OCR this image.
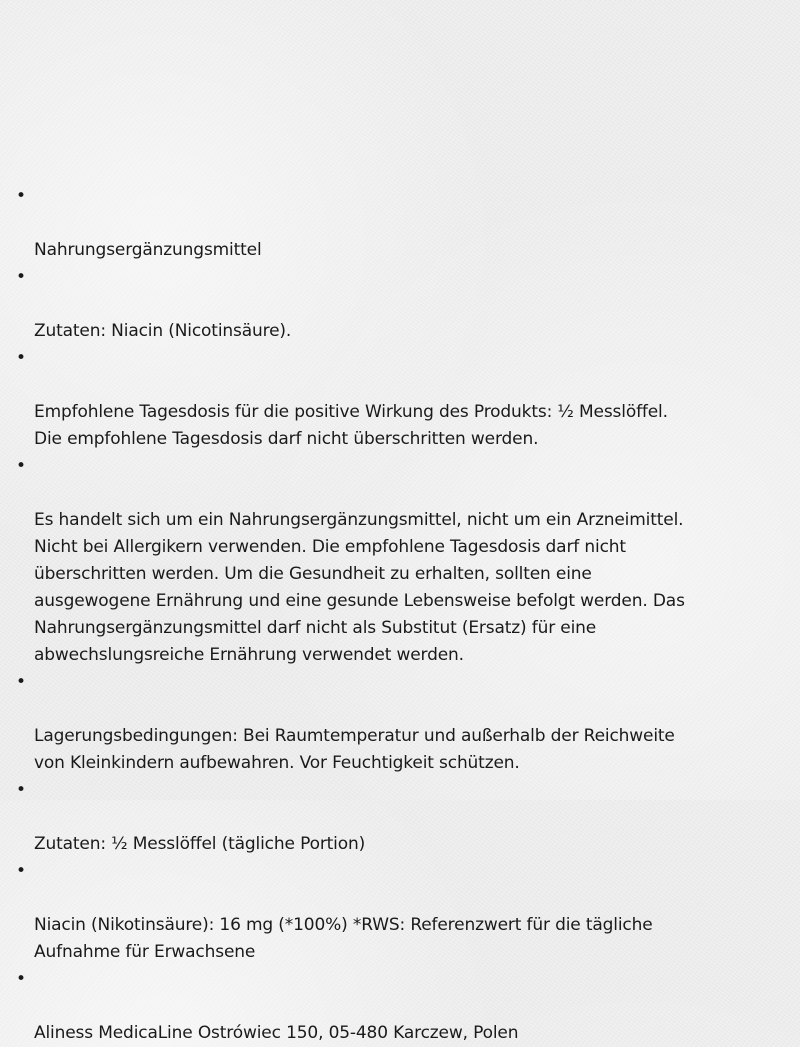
•

Nahrungsergänzungsmittel

•

Zutaten: Niacin (Nicotinsäure).

•

Empfohlene Tagesdosis für die positive Wirkung des Produkts: ½ Messlöffel.
Die empfohlene Tagesdosis darf nicht überschritten werden.

•

Es handelt sich um ein Nahrungsergänzungsmittel, nicht um ein Arzneimittel.
Nicht bei Allergikern verwenden. Die empfohlene Tagesdosis darf nicht
überschritten werden. Um die Gesundheit zu erhalten, sollten eine
ausgewogene Ernährung und eine gesunde Lebensweise befolgt werden. Das
Nahrungsergänzungsmittel darf nicht als Substitut (Ersatz) für eine
abwechslungsreiche Ernährung verwendet werden.

•

Lagerungsbedingungen: Bei Raumtemperatur und außerhalb der Reichweite
von Kleinkindern aufbewahren. Vor Feuchtigkeit schützen.

•

Zutaten: ½ Messlöffel (tägliche Portion)

•

Niacin (Nikotinsäure): 16 mg (*100%) *RWS: Referenzwert für die tägliche
Aufnahme für Erwachsene

•

Aliness MedicaLine Ostrówiec 150, 05-480 Karczew, Polen
